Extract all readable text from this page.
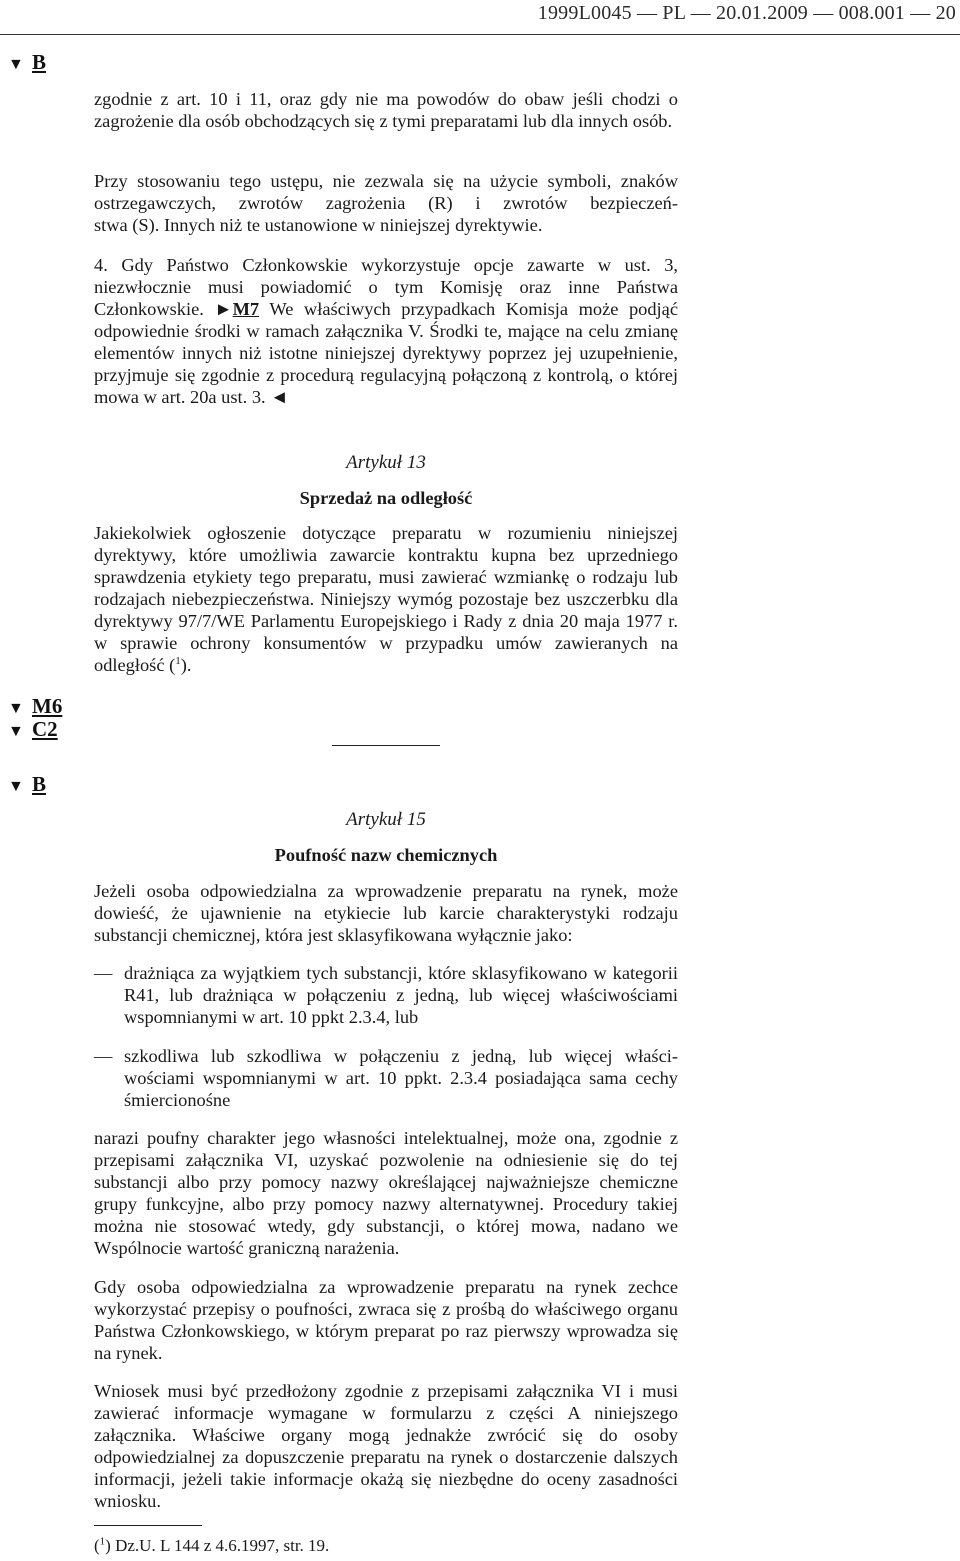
1999L0045 — PL — 20.01.2009 — 008.001 — 20
▼ B
zgodnie z art. 10 i 11, oraz gdy nie ma powodów do obaw jeśli chodzi o zagrożenie dla osób obchodzących się z tymi preparatami lub dla innych osób.
Przy stosowaniu tego ustępu, nie zezwala się na użycie symboli, znaków ostrzegawczych, zwrotów zagrożenia (R) i zwrotów bezpieczeń-
stwa (S). Innych niż te ustanowione w niniejszej dyrektywie.
4. Gdy Państwo Członkowskie wykorzystuje opcje zawarte w ust. 3, niezwłocznie musi powiadomić o tym Komisję oraz inne Państwa Członkowskie. ►M7 We właściwych przypadkach Komisja może podjąć odpowiednie środki w ramach załącznika V. Środki te, mające na celu zmianę elementów innych niż istotne niniejszej dyrektywy poprzez jej uzupełnienie, przyjmuje się zgodnie z procedurą regulacyjną połączoną z kontrolą, o której mowa w art. 20a ust. 3. ◄
Artykuł 13
Sprzedaż na odległość
Jakiekolwiek ogłoszenie dotyczące preparatu w rozumieniu niniejszej dyrektywy, które umożliwia zawarcie kontraktu kupna bez uprzedniego sprawdzenia etykiety tego preparatu, musi zawierać wzmiankę o rodzaju lub rodzajach niebezpieczeństwa. Niniejszy wymóg pozostaje bez uszczerbku dla dyrektywy 97/7/WE Parlamentu Europejskiego i Rady z dnia 20 maja 1977 r. w sprawie ochrony konsumentów w przypadku umów zawieranych na odległość ($^1$).
▼ M6
▼ C2
▼ B
Artykuł 15
Poufność nazw chemicznych
Jeżeli osoba odpowiedzialna za wprowadzenie preparatu na rynek, może dowieść, że ujawnienie na etykiecie lub karcie charakterystyki rodzaju substancji chemicznej, która jest sklasyfikowana wyłącznie jako:
— drażniąca za wyjątkiem tych substancji, które sklasyfikowano w kategorii R41, lub drażniąca w połączeniu z jedną, lub więcej właściwościami wspomnianymi w art. 10 ppkt 2.3.4, lub
— szkodliwa lub szkodliwa w połączeniu z jedną, lub więcej właści-wościami wspomnianymi w art. 10 ppkt. 2.3.4 posiadająca sama cechy śmiercionośne
narazi poufny charakter jego własności intelektualnej, może ona, zgodnie z przepisami załącznika VI, uzyskać pozwolenie na odniesienie się do tej substancji albo przy pomocy nazwy określającej najważniejsze chemiczne grupy funkcyjne, albo przy pomocy nazwy alternatywnej. Procedury takiej można nie stosować wtedy, gdy substancji, o której mowa, nadano we Wspólnocie wartość graniczną narażenia.
Gdy osoba odpowiedzialna za wprowadzenie preparatu na rynek zechce wykorzystać przepisy o poufności, zwraca się z prośbą do właściwego organu Państwa Członkowskiego, w którym preparat po raz pierwszy wprowadza się na rynek.
Wniosek musi być przedłożony zgodnie z przepisami załącznika VI i musi zawierać informacje wymagane w formularzu z części A niniejszego załącznika. Właściwe organy mogą jednakże zwrócić się do osoby odpowiedzialnej za dopuszczenie preparatu na rynek o dostarczenie dalszych informacji, jeżeli takie informacje okażą się niezbędne do oceny zasadności wniosku.
($^1$) Dz.U. L 144 z 4.6.1997, str. 19.
